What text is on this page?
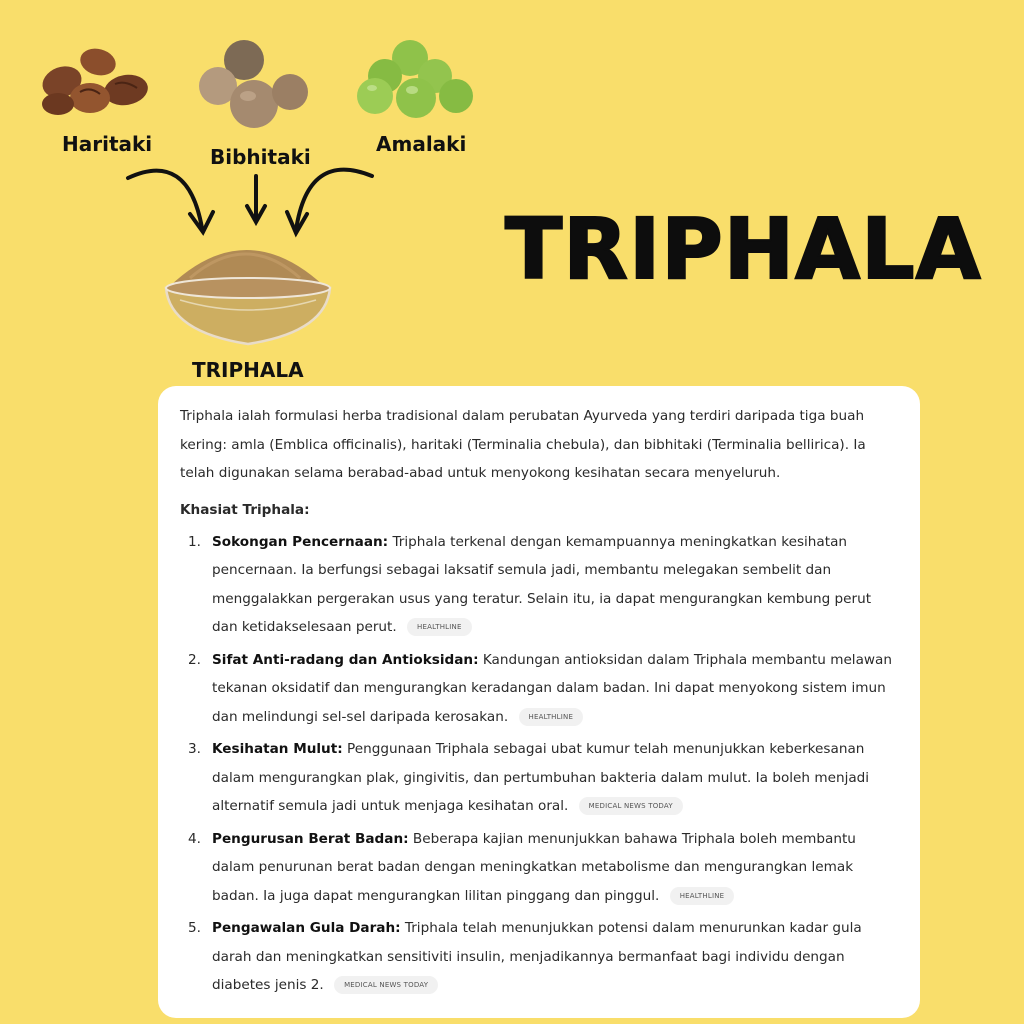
Haritaki
Bibhitaki
Amalaki
TRIPHALA
TRIPHALA

Triphala ialah formulasi herba tradisional dalam perubatan Ayurveda yang terdiri daripada tiga buah kering: amla (Emblica officinalis), haritaki (Terminalia chebula), dan bibhitaki (Terminalia bellirica). Ia telah digunakan selama berabad-abad untuk menyokong kesihatan secara menyeluruh.

Khasiat Triphala:
1. Sokongan Pencernaan: Triphala terkenal dengan kemampuannya meningkatkan kesihatan pencernaan. Ia berfungsi sebagai laksatif semula jadi, membantu melegakan sembelit dan menggalakkan pergerakan usus yang teratur. Selain itu, ia dapat mengurangkan kembung perut dan ketidakselesaan perut.	HEALTHLINE
2. Sifat Anti-radang dan Antioksidan: Kandungan antioksidan dalam Triphala membantu melawan tekanan oksidatif dan mengurangkan keradangan dalam badan. Ini dapat menyokong sistem imun dan melindungi sel-sel daripada kerosakan.	HEALTHLINE
3. Kesihatan Mulut: Penggunaan Triphala sebagai ubat kumur telah menunjukkan keberkesanan dalam mengurangkan plak, gingivitis, dan pertumbuhan bakteria dalam mulut. Ia boleh menjadi alternatif semula jadi untuk menjaga kesihatan oral.	MEDICAL NEWS TODAY
4. Pengurusan Berat Badan: Beberapa kajian menunjukkan bahawa Triphala boleh membantu dalam penurunan berat badan dengan meningkatkan metabolisme dan mengurangkan lemak badan. Ia juga dapat mengurangkan lilitan pinggang dan pinggul.	HEALTHLINE
5. Pengawalan Gula Darah: Triphala telah menunjukkan potensi dalam menurunkan kadar gula darah dan meningkatkan sensitiviti insulin, menjadikannya bermanfaat bagi individu dengan diabetes jenis 2.	MEDICAL NEWS TODAY
